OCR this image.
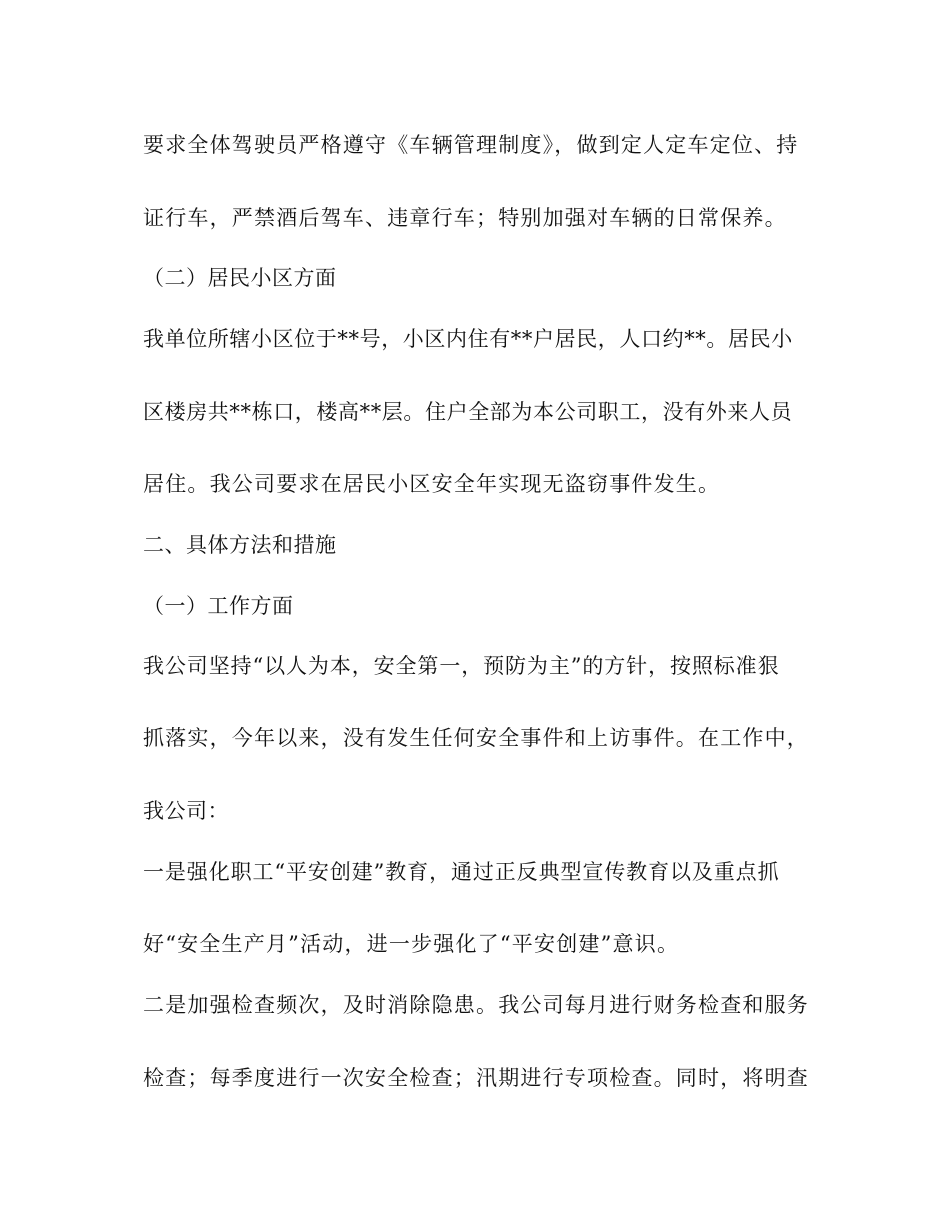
要求全体驾驶员严格遵守《车辆管理制度》，做到定人定车定位、持
证行车，严禁酒后驾车、违章行车；特别加强对车辆的日常保养。
（二）居民小区方面
我单位所辖小区位于**号，小区内住有**户居民，人口约**。居民小
区楼房共**栋口，楼高**层。住户全部为本公司职工，没有外来人员
居住。我公司要求在居民小区安全年实现无盗窃事件发生。
二、具体方法和措施
（一）工作方面
我公司坚持“以人为本，安全第一，预防为主”的方针，按照标准狠
抓落实，今年以来，没有发生任何安全事件和上访事件。在工作中，
我公司：
一是强化职工“平安创建”教育，通过正反典型宣传教育以及重点抓
好“安全生产月”活动，进一步强化了“平安创建”意识。
二是加强检查频次，及时消除隐患。我公司每月进行财务检查和服务
检查；每季度进行一次安全检查；汛期进行专项检查。同时，将明查
